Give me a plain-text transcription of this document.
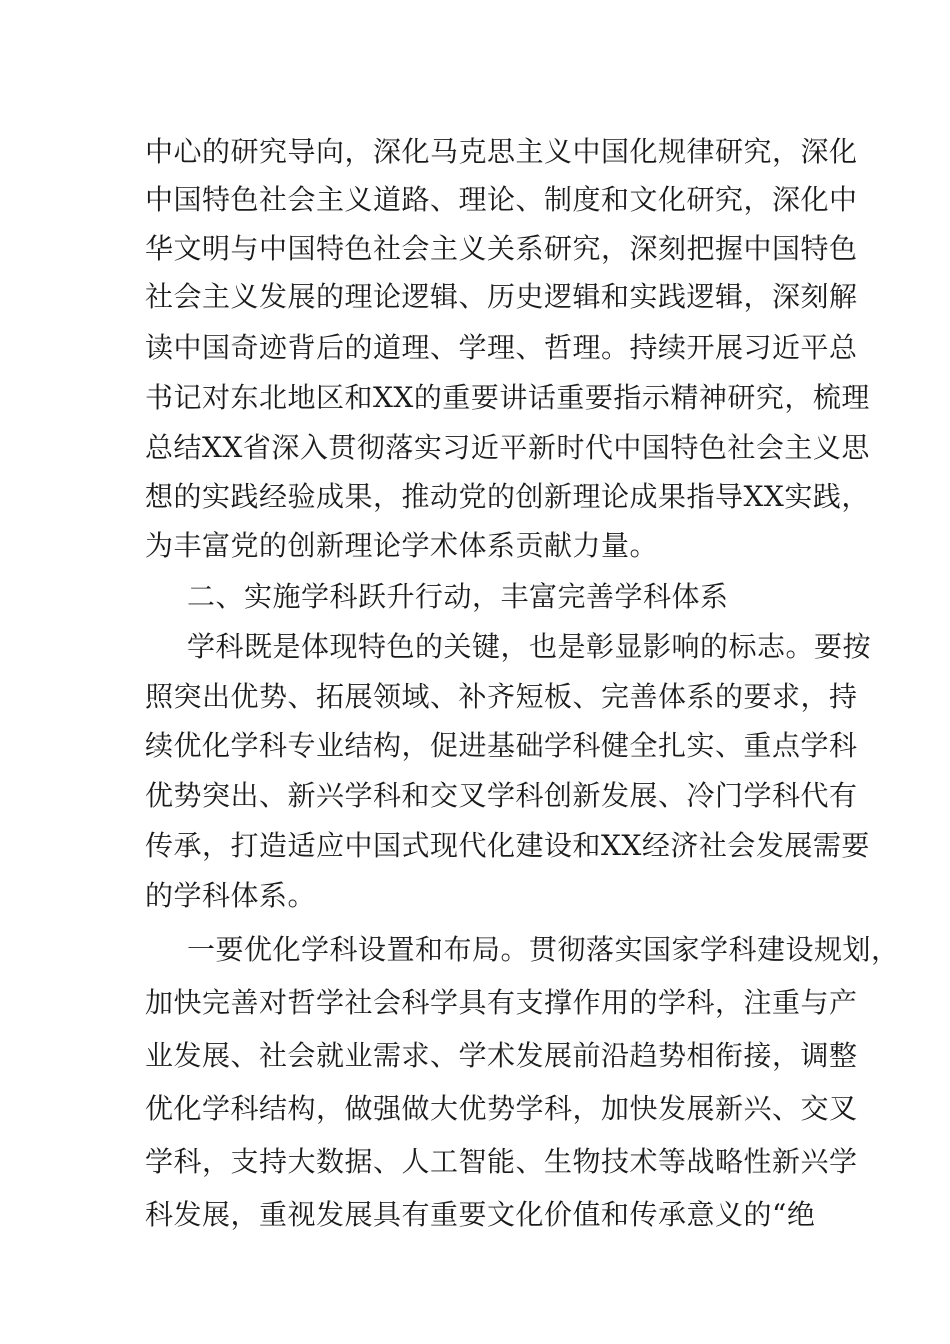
中心的研究导向，深化马克思主义中国化规律研究，深化
中国特色社会主义道路、理论、制度和文化研究，深化中
华文明与中国特色社会主义关系研究，深刻把握中国特色
社会主义发展的理论逻辑、历史逻辑和实践逻辑，深刻解
读中国奇迹背后的道理、学理、哲理。持续开展习近平总
书记对东北地区和XX的重要讲话重要指示精神研究，梳理
总结XX省深入贯彻落实习近平新时代中国特色社会主义思
想的实践经验成果，推动党的创新理论成果指导XX实践，
为丰富党的创新理论学术体系贡献力量。
二、实施学科跃升行动，丰富完善学科体系
学科既是体现特色的关键，也是彰显影响的标志。要按
照突出优势、拓展领域、补齐短板、完善体系的要求，持
续优化学科专业结构，促进基础学科健全扎实、重点学科
优势突出、新兴学科和交叉学科创新发展、冷门学科代有
传承，打造适应中国式现代化建设和XX经济社会发展需要
的学科体系。
一要优化学科设置和布局。贯彻落实国家学科建设规划，
加快完善对哲学社会科学具有支撑作用的学科，注重与产
业发展、社会就业需求、学术发展前沿趋势相衔接，调整
优化学科结构，做强做大优势学科，加快发展新兴、交叉
学科，支持大数据、人工智能、生物技术等战略性新兴学
科发展，重视发展具有重要文化价值和传承意义的“绝
